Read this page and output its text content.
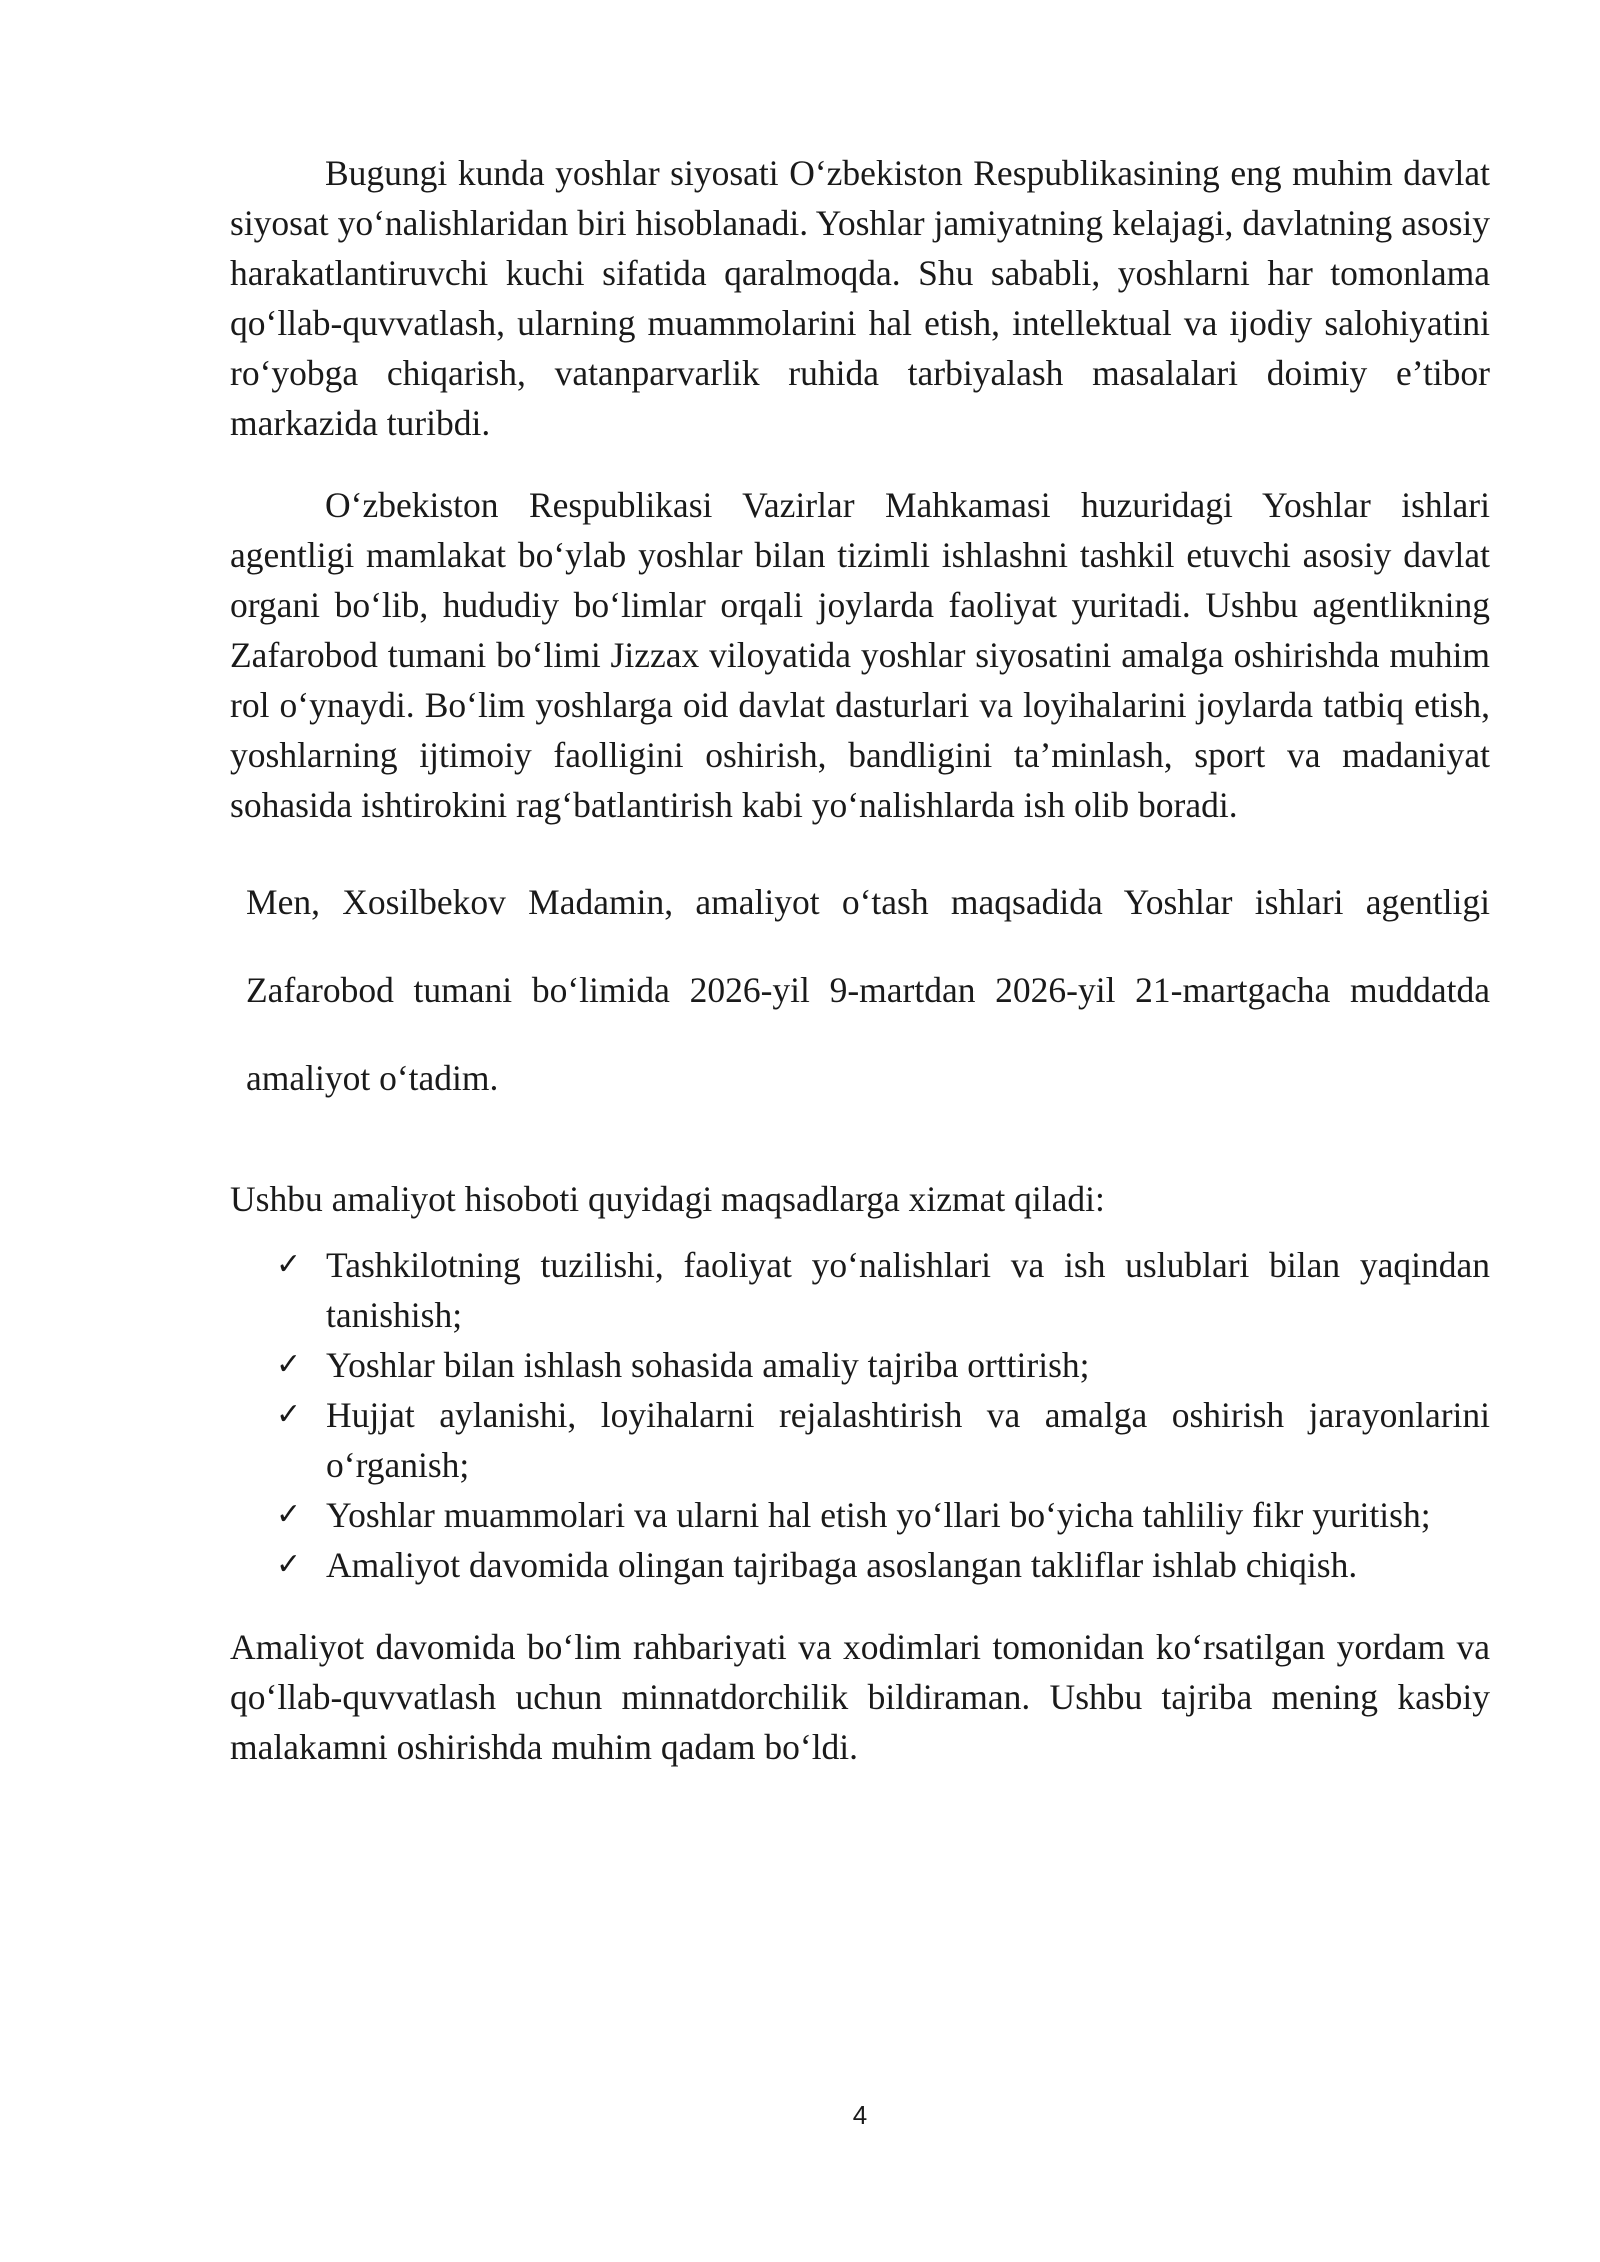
Bugungi kunda yoshlar siyosati O‘zbekiston Respublikasining eng muhim davlat siyosat yo‘nalishlaridan biri hisoblanadi. Yoshlar jamiyatning kelajagi, davlatning asosiy harakatlantiruvchi kuchi sifatida qaralmoqda. Shu sababli, yoshlarni har tomonlama qo‘llab-quvvatlash, ularning muammolarini hal etish, intellektual va ijodiy salohiyatini ro‘yobga chiqarish, vatanparvarlik ruhida tarbiyalash masalalari doimiy e’tibor markazida turibdi.

O‘zbekiston Respublikasi Vazirlar Mahkamasi huzuridagi Yoshlar ishlari agentligi mamlakat bo‘ylab yoshlar bilan tizimli ishlashni tashkil etuvchi asosiy davlat organi bo‘lib, hududiy bo‘limlar orqali joylarda faoliyat yuritadi. Ushbu agentlikning Zafarobod tumani bo‘limi Jizzax viloyatida yoshlar siyosatini amalga oshirishda muhim rol o‘ynaydi. Bo‘lim yoshlarga oid davlat dasturlari va loyihalarini joylarda tatbiq etish, yoshlarning ijtimoiy faolligini oshirish, bandligini ta’minlash, sport va madaniyat sohasida ishtirokini rag‘batlantirish kabi yo‘nalishlarda ish olib boradi.

Men, Xosilbekov Madamin, amaliyot o‘tash maqsadida Yoshlar ishlari agentligi Zafarobod tumani bo‘limida 2026-yil 9-martdan 2026-yil 21-martgacha muddatda amaliyot o‘tadim.

Ushbu amaliyot hisoboti quyidagi maqsadlarga xizmat qiladi:

✓ Tashkilotning tuzilishi, faoliyat yo‘nalishlari va ish uslublari bilan yaqindan tanishish;
✓ Yoshlar bilan ishlash sohasida amaliy tajriba orttirish;
✓ Hujjat aylanishi, loyihalarni rejalashtirish va amalga oshirish jarayonlarini o‘rganish;
✓ Yoshlar muammolari va ularni hal etish yo‘llari bo‘yicha tahliliy fikr yuritish;
✓ Amaliyot davomida olingan tajribaga asoslangan takliflar ishlab chiqish.

Amaliyot davomida bo‘lim rahbariyati va xodimlari tomonidan ko‘rsatilgan yordam va qo‘llab-quvvatlash uchun minnatdorchilik bildiraman. Ushbu tajriba mening kasbiy malakamni oshirishda muhim qadam bo‘ldi.

4
